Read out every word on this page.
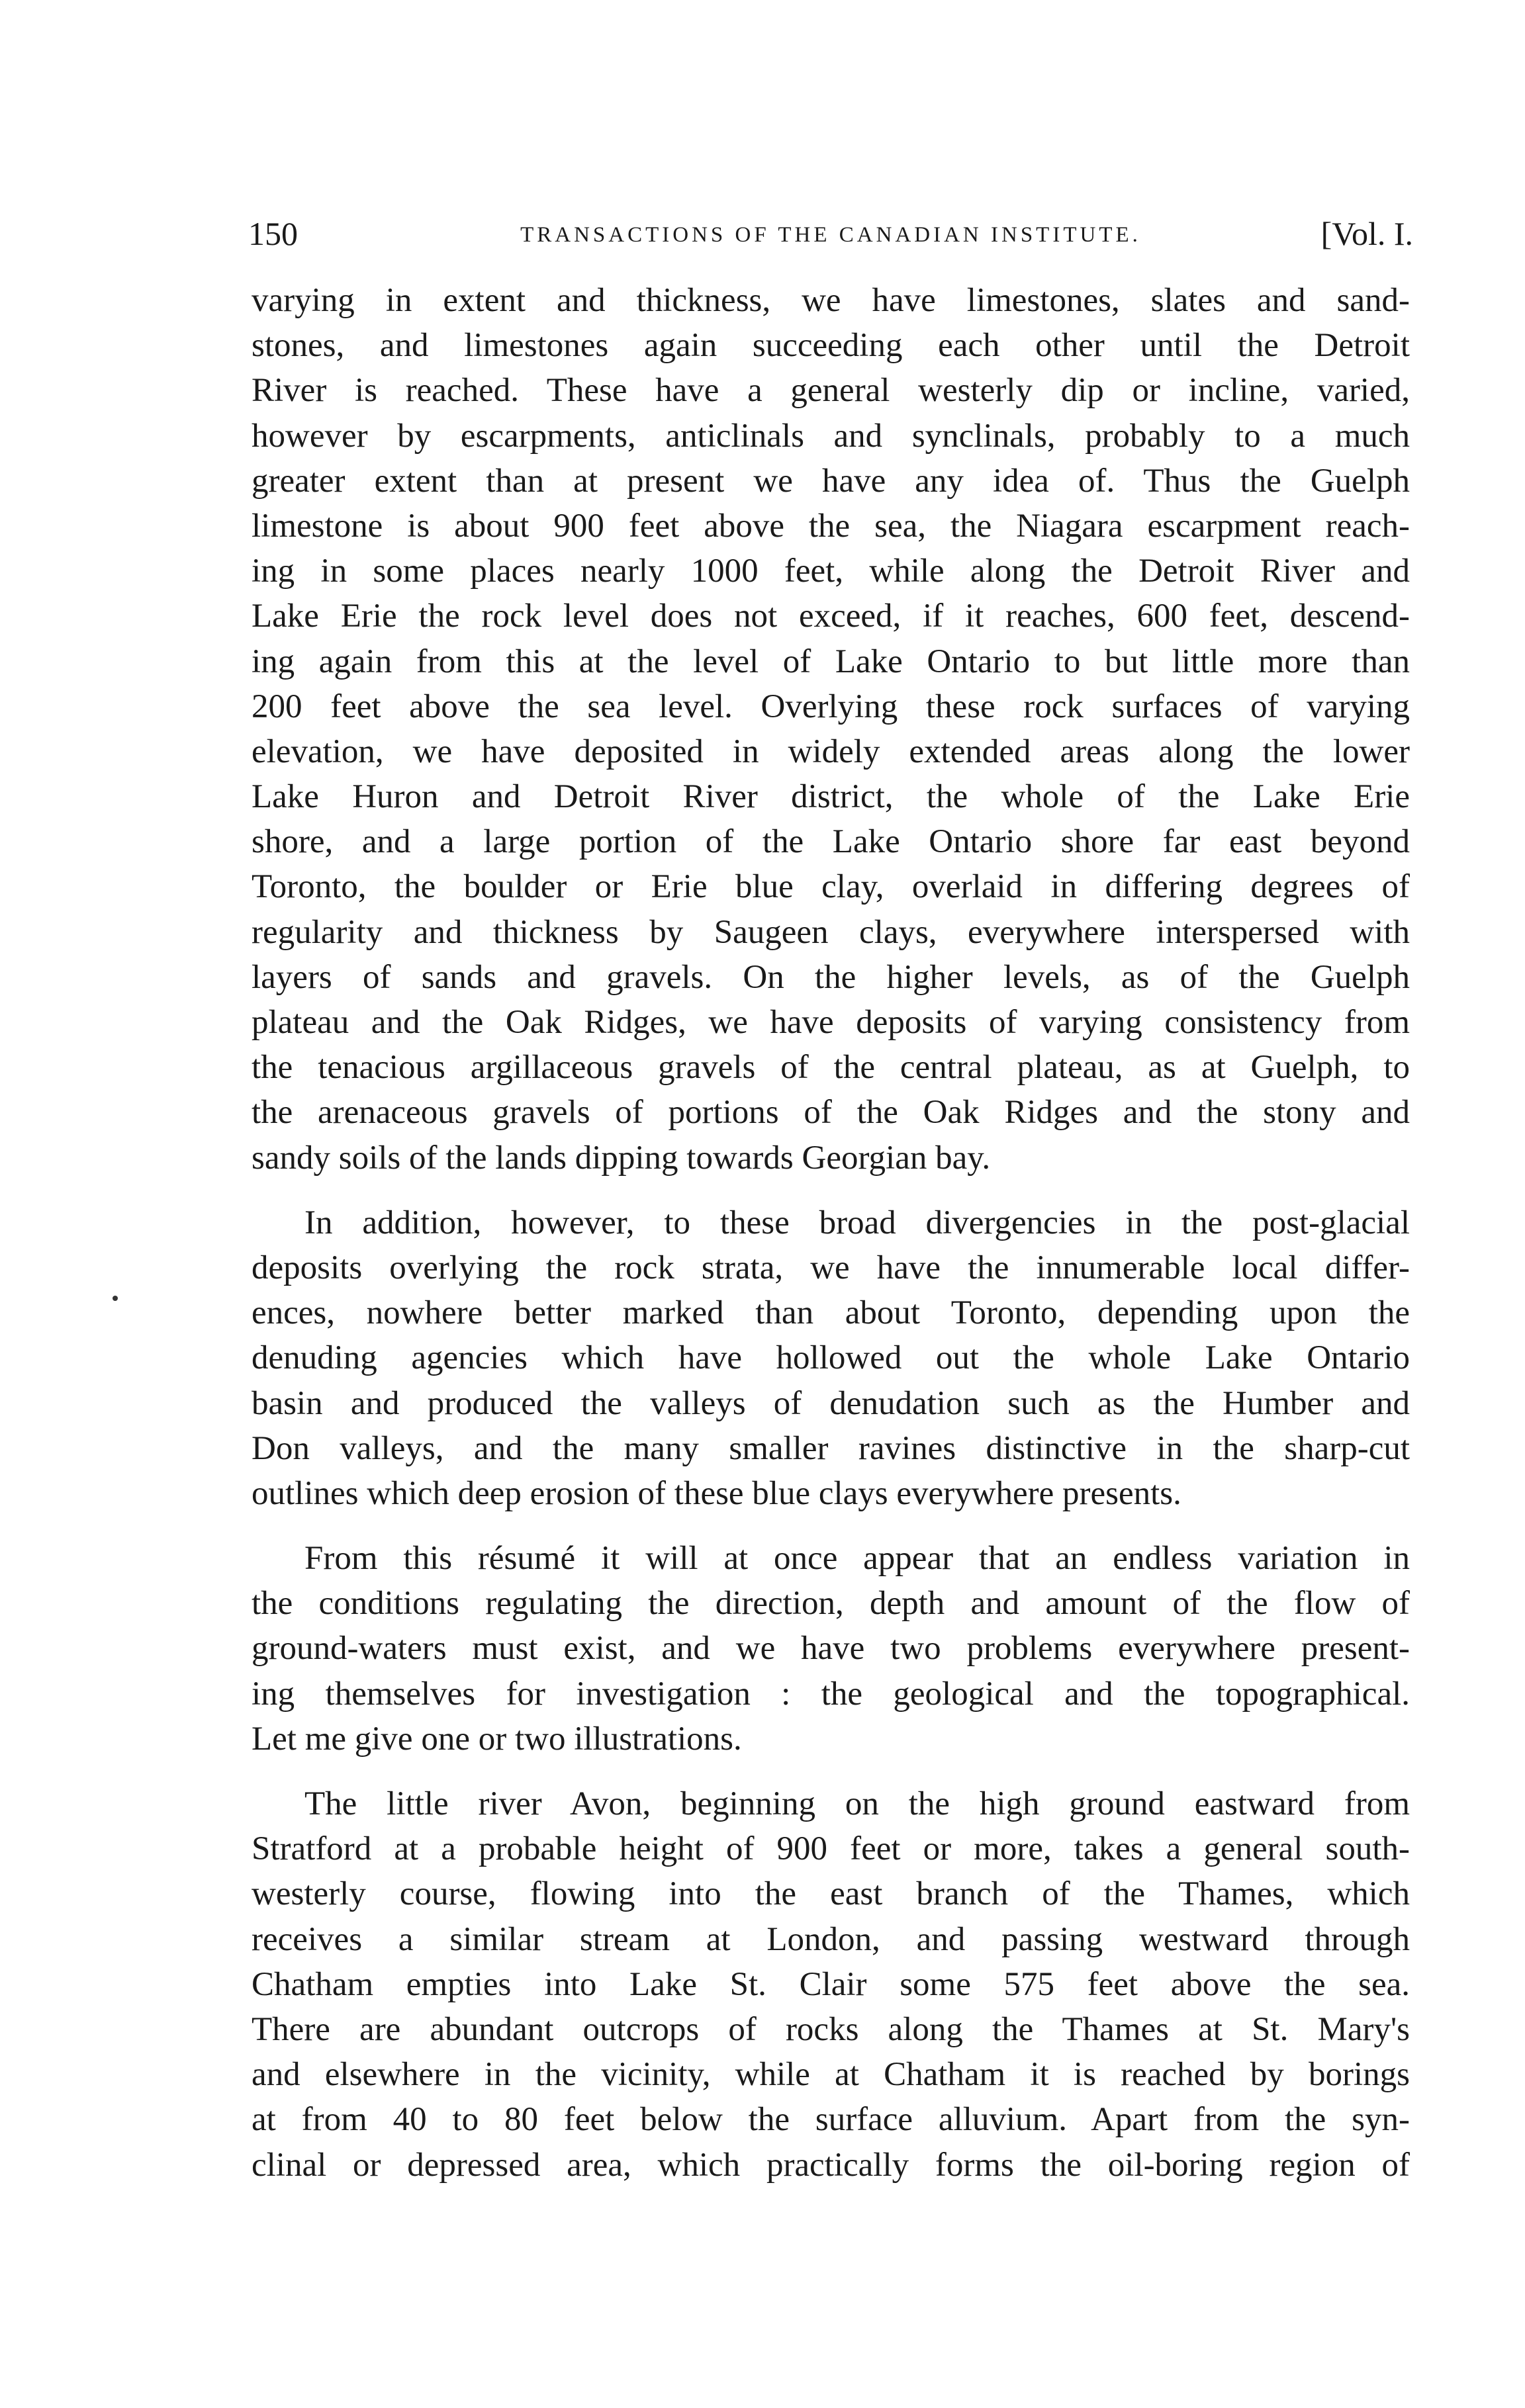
150	TRANSACTIONS OF THE CANADIAN INSTITUTE.	[Vol. I.
varying in extent and thickness, we have limestones, slates and sand-
stones, and limestones again succeeding each other until the Detroit
River is reached. These have a general westerly dip or incline, varied,
however by escarpments, anticlinals and synclinals, probably to a much
greater extent than at present we have any idea of. Thus the Guelph
limestone is about 900 feet above the sea, the Niagara escarpment reach-
ing in some places nearly 1000 feet, while along the Detroit River and
Lake Erie the rock level does not exceed, if it reaches, 600 feet, descend-
ing again from this at the level of Lake Ontario to but little more than
200 feet above the sea level. Overlying these rock surfaces of varying
elevation, we have deposited in widely extended areas along the lower
Lake Huron and Detroit River district, the whole of the Lake Erie
shore, and a large portion of the Lake Ontario shore far east beyond
Toronto, the boulder or Erie blue clay, overlaid in differing degrees of
regularity and thickness by Saugeen clays, everywhere interspersed with
layers of sands and gravels. On the higher levels, as of the Guelph
plateau and the Oak Ridges, we have deposits of varying consistency from
the tenacious argillaceous gravels of the central plateau, as at Guelph, to
the arenaceous gravels of portions of the Oak Ridges and the stony and
sandy soils of the lands dipping towards Georgian bay.
In addition, however, to these broad divergencies in the post-glacial
deposits overlying the rock strata, we have the innumerable local differ-
ences, nowhere better marked than about Toronto, depending upon the
denuding agencies which have hollowed out the whole Lake Ontario
basin and produced the valleys of denudation such as the Humber and
Don valleys, and the many smaller ravines distinctive in the sharp-cut
outlines which deep erosion of these blue clays everywhere presents.
From this résumé it will at once appear that an endless variation in
the conditions regulating the direction, depth and amount of the flow of
ground-waters must exist, and we have two problems everywhere present-
ing themselves for investigation : the geological and the topographical.
Let me give one or two illustrations.
The little river Avon, beginning on the high ground eastward from
Stratford at a probable height of 900 feet or more, takes a general south-
westerly course, flowing into the east branch of the Thames, which
receives a similar stream at London, and passing westward through
Chatham empties into Lake St. Clair some 575 feet above the sea.
There are abundant outcrops of rocks along the Thames at St. Mary's
and elsewhere in the vicinity, while at Chatham it is reached by borings
at from 40 to 80 feet below the surface alluvium. Apart from the syn-
clinal or depressed area, which practically forms the oil-boring region of
